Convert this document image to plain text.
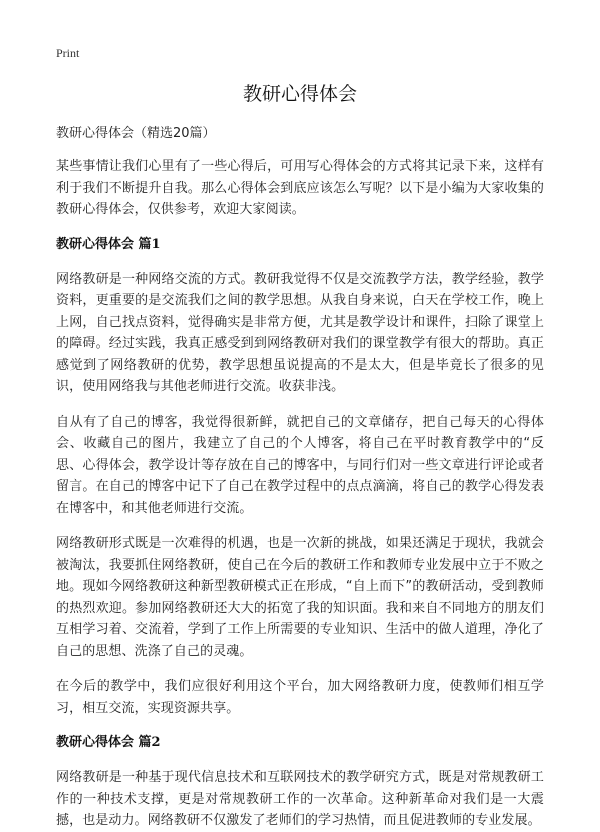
Print
教研心得体会

教研心得体会（精选20篇）

某些事情让我们心里有了一些心得后，可用写心得体会的方式将其记录下来，这样有利于我们不断提升自我。那么心得体会到底应该怎么写呢？以下是小编为大家收集的教研心得体会，仅供参考，欢迎大家阅读。

教研心得体会 篇1

网络教研是一种网络交流的方式。教研我觉得不仅是交流教学方法，教学经验，教学资料，更重要的是交流我们之间的教学思想。从我自身来说，白天在学校工作，晚上上网，自己找点资料，觉得确实是非常方便，尤其是教学设计和课件，扫除了课堂上的障碍。经过实践，我真正感受到到网络教研对我们的课堂教学有很大的帮助。真正感觉到了网络教研的优势，教学思想虽说提高的不是太大，但是毕竟长了很多的见识，使用网络我与其他老师进行交流。收获非浅。

自从有了自己的博客，我觉得很新鲜，就把自己的文章储存，把自己每天的心得体会、收藏自己的图片，我建立了自己的个人博客，将自己在平时教育教学中的“反思、心得体会，教学设计等存放在自己的博客中，与同行们对一些文章进行评论或者留言。在自己的博客中记下了自己在教学过程中的点点滴滴，将自己的教学心得发表在博客中，和其他老师进行交流。

网络教研形式既是一次难得的机遇，也是一次新的挑战，如果还满足于现状，我就会被淘汰，我要抓住网络教研，使自己在今后的教研工作和教师专业发展中立于不败之地。现如今网络教研这种新型教研模式正在形成，“自上而下”的教研活动，受到教师的热烈欢迎。参加网络教研还大大的拓宽了我的知识面。我和来自不同地方的朋友们互相学习着、交流着，学到了工作上所需要的专业知识、生活中的做人道理，净化了自己的思想、洗涤了自己的灵魂。

在今后的教学中，我们应很好利用这个平台，加大网络教研力度，使教师们相互学习，相互交流，实现资源共享。

教研心得体会 篇2

网络教研是一种基于现代信息技术和互联网技术的教学研究方式，既是对常规教研工作的一种技术支撑，更是对常规教研工作的一次革命。这种新革命对我们是一大震撼，也是动力。网络教研不仅激发了老师们的学习热情，而且促进教师的专业发展。
